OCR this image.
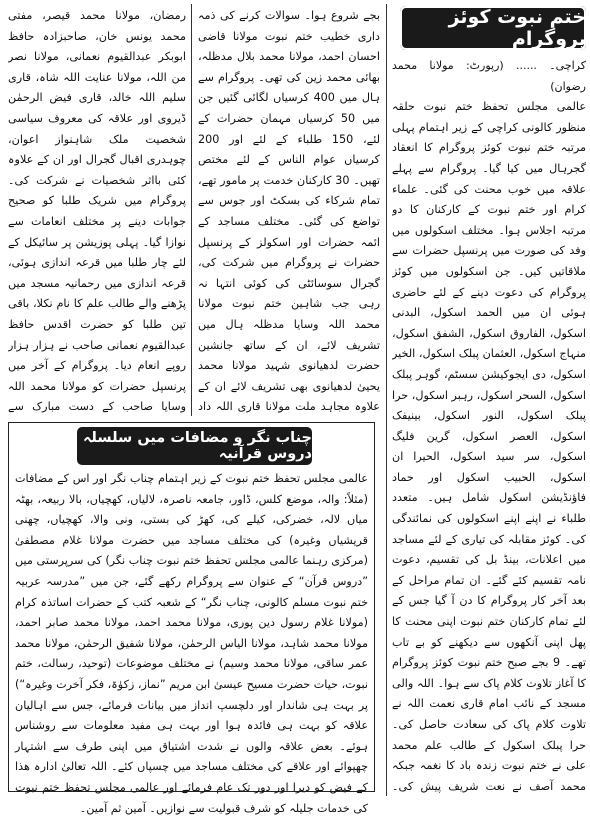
ختم نبوت کوئز پروگرام

کراچی۔ ...... (رپورٹ: مولانا محمد رضوان)

عالمی مجلس تحفظ ختم نبوت حلقہ منظور کالونی کراچی کے زیر اہتمام پہلی مرتبہ ختم نبوت کوئز پروگرام کا انعقاد گجرہال میں کیا گیا۔ پروگرام سے پہلے علاقہ میں خوب محنت کی گئی۔ علماء کرام اور ختم نبوت کے کارکنان کا دو مرتبہ اجلاس ہوا۔ مختلف اسکولوں میں وفد کی صورت میں پرنسپل حضرات سے ملاقاتیں کیں۔ جن اسکولوں میں کوئز پروگرام کی دعوت دینے کے لئے حاضری ہوئی ان میں الحمد اسکول، البدنی اسکول، الفاروق اسکول، الشفق اسکول، منہاج اسکول، العثمان پبلک اسکول، الخیر اسکول، دی ایجوکیشن سسٹم، گوہر پبلک اسکول، السحر اسکول، رہبر اسکول، حرا پبلک اسکول، النور اسکول، بینیفک اسکول، العصر اسکول، گرین فلیگ اسکول، سر سید اسکول، الحیرا ان اسکول، الحبیب اسکول اور حماد فاؤنڈیشن اسکول شامل ہیں۔ متعدد طلباء نے اپنے اپنے اسکولوں کی نمائندگی کی۔ کوئز مقابلہ کی تیاری کے لئے مساجد میں اعلانات، بینڈ بل کی تقسیم، دعوت نامہ تقسیم کئے گئے۔ ان تمام مراحل کے بعد آخر کار پروگرام کا دن آ گیا جس کے لئے تمام کارکنان ختم نبوت اپنی محنت کا پھل اپنی آنکھوں سے دیکھنے کو بے تاب تھے۔ 9 بجے صبح ختم نبوت کوئز پروگرام کا آغاز تلاوت کلام پاک سے ہوا۔ اللہ والی مسجد کے نائب امام قاری نعمت اللہ نے تلاوت کلام پاک کی سعادت حاصل کی۔ حرا پبلک اسکول کے طالب علم محمد علی نے ختم نبوت زندہ باد کا نغمہ جبکہ محمد آصف نے نعت شریف پیش کی۔

بجے شروع ہوا۔ سوالات کرنے کی ذمہ داری خطیب ختم نبوت مولانا قاضی احسان احمد، مولانا محمد بلال مدظلہ، بھائی محمد زین کی تھی۔ پروگرام سے ہال میں 400 کرسیاں لگائی گئیں جن میں 50 کرسیاں مہمان حضرات کے لئے، 150 طلباء کے لئے اور 200 کرسیاں عوام الناس کے لئے مختص تھیں۔ 30 کارکنان خدمت پر مامور تھے، تمام شرکاء کی بسکٹ اور جوس سے تواضع کی گئی۔ مختلف مساجد کے ائمہ حضرات اور اسکولز کے پرنسپل حضرات نے پروگرام میں شرکت کی، گجرال سوسائٹی کی کوئی انتہا نہ رہی جب شاہین ختم نبوت مولانا محمد اللہ وسایا مدظلہ ہال میں تشریف لائے، ان کے ساتھ جانشین حضرت لدھیانوی شہید مولانا محمد یحییٰ لدھیانوی بھی تشریف لائے ان کے علاوہ مجاہد ملت مولانا قاری اللہ داد

رمضان، مولانا محمد قیصر، مفتی محمد یونس خان، صاحبزادہ حافظ ابوبکر عبدالقیوم نعمانی، مولانا نصر من اللہ، مولانا عنایت اللہ شاہ، قاری سلیم اللہ خالد، قاری فیض الرحمٰن ڈیروی اور علاقہ کی معروف سیاسی شخصیت ملک شاہنواز اعوان، چوہدری اقبال گجرال اور ان کے علاوہ کئی بااثر شخصیات نے شرکت کی۔ پروگرام میں شریک طلبا کو صحیح جوابات دینے پر مختلف انعامات سے نوازا گیا۔ پہلی پوزیشن پر سائیکل کے لئے چار طلبا میں قرعہ اندازی ہوئی، قرعہ اندازی میں رحمانیہ مسجد میں پڑھنے والے طالب علم کا نام نکلا، باقی تین طلبا کو حضرت اقدس حافظ عبدالقیوم نعمانی صاحب نے ہزار ہزار روپے انعام دیا۔ پروگرام کے آخر میں پرنسپل حضرات کو مولانا محمد اللہ وسایا صاحب کے دست مبارک سے

چناب نگر و مضافات میں سلسلہ دروس قرآنیہ

عالمی مجلس تحفظ ختم نبوت کے زیر اہتمام چناب نگر اور اس کے مضافات (مثلاً: والہ، موضع کلس، ڈاور، جامعہ ناصرہ، لالیاں، کھچیاں، بالا ربیعہ، بھٹہ میاں لالہ، خضرکی، کیلے کی، کھڑ کی بستی، ونی والا، کھچیاں، چھنی قریشیاں وغیرہ) کی مختلف مساجد میں حضرت مولانا غلام مصطفیٰ (مرکزی رہنما عالمی مجلس تحفظ ختم نبوت چناب نگر) کی سرپرستی میں ”دروس قرآن“ کے عنوان سے پروگرام رکھے گئے، جن میں ”مدرسہ عربیہ ختم نبوت مسلم کالونی، چناب نگر“ کے شعبہ کتب کے حضرات اساتذہ کرام (مولانا غلام رسول دین پوری، مولانا محمد احمد، مولانا محمد صابر احمد، مولانا محمد شاہد، مولانا الیاس الرحمٰن، مولانا شفیق الرحمٰن، مولانا محمد عمر ساقی، مولانا محمد وسیم) نے مختلف موضوعات (توحید، رسالت، ختم نبوت، حیات حضرت مسیح عیسیٰ ابن مریم ”نماز، زکوٰۃ، فکر آخرت وغیرہ“) پر بہت ہی شاندار اور دلچسپ انداز میں بیانات فرمائے، جس سے اہالیان علاقہ کو بہت ہی فائدہ ہوا اور بہت ہی مفید معلومات سے روشناس ہوئے۔ بعض علاقہ والوں نے شدت اشتیاق میں اپنی طرف سے اشتہار چھپوائے اور علاقے کی مختلف مساجد میں چسپاں کئے۔ اللہ تعالیٰ ادارہ ھذا کے فیض کو دیرا اور دور تک عام فرمائے اور عالمی مجلس تحفظ ختم نبوت کی خدمات جلیلہ کو شرف قبولیت سے نوازیں۔ آمین ثم آمین۔
